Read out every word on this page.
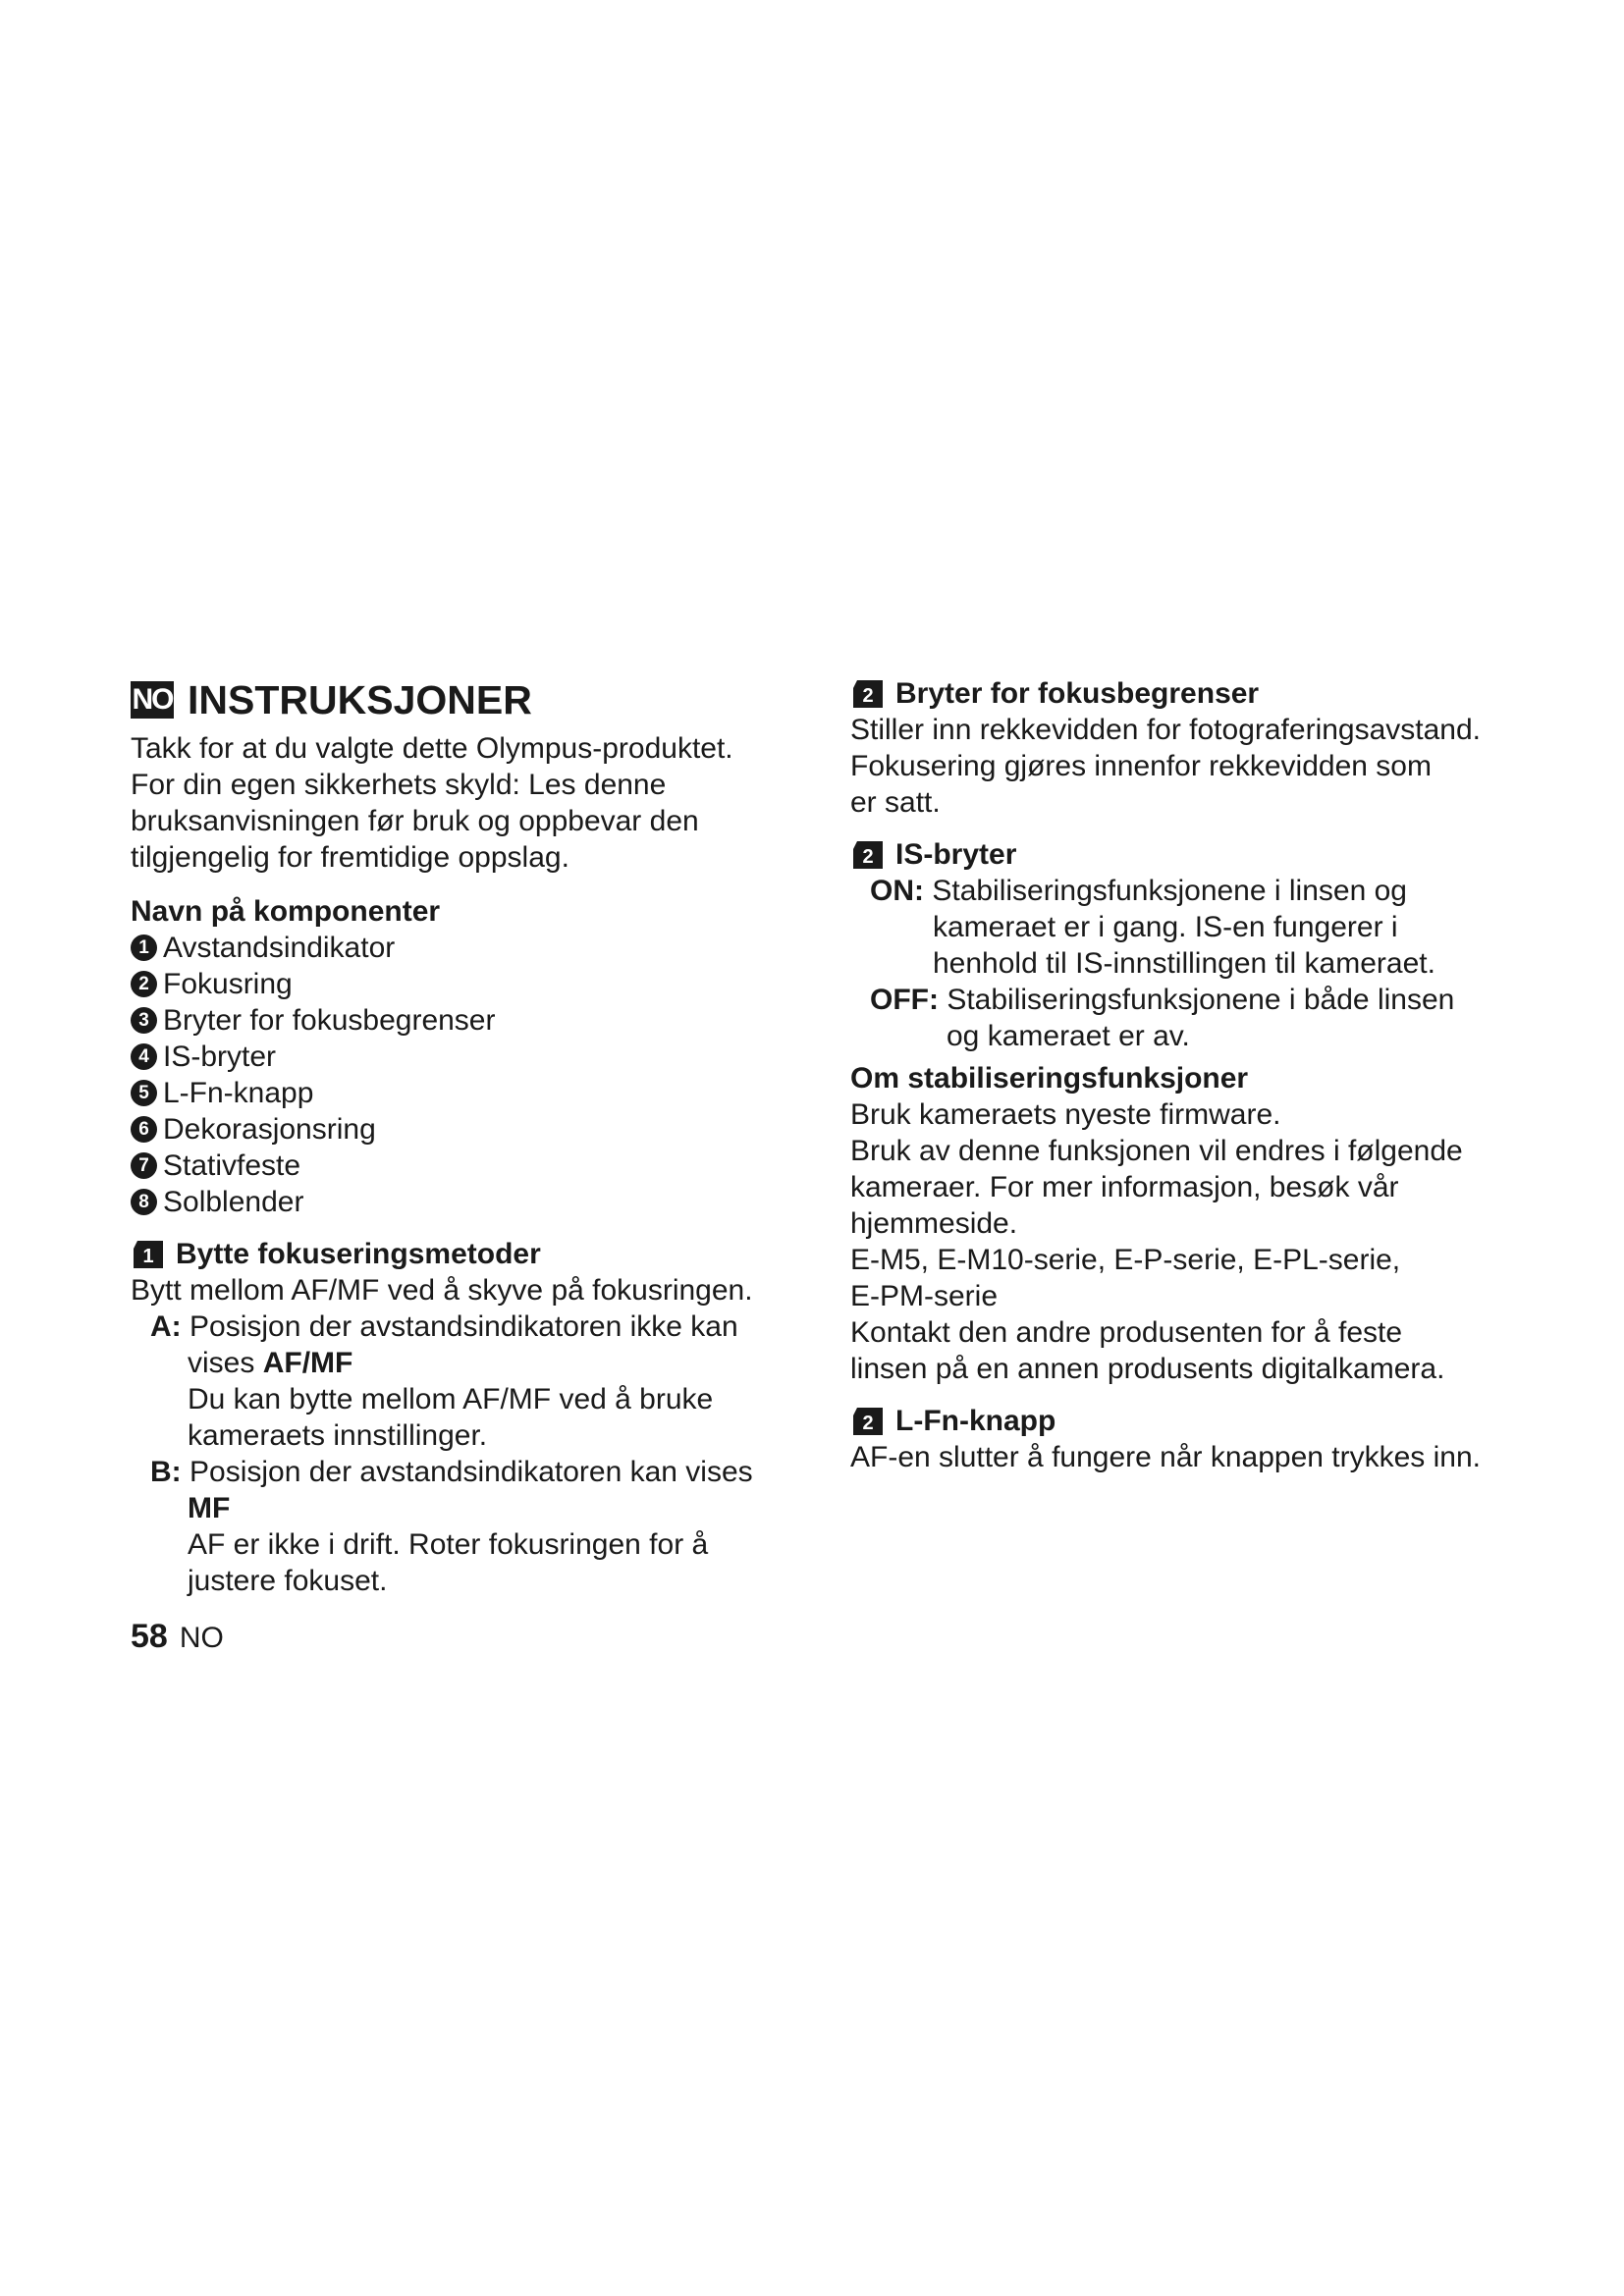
NO INSTRUKSJONER
Takk for at du valgte dette Olympus-produktet.
For din egen sikkerhets skyld: Les denne
bruksanvisningen før bruk og oppbevar den
tilgjengelig for fremtidige oppslag.
Navn på komponenter
1 Avstandsindikator
2 Fokusring
3 Bryter for fokusbegrenser
4 IS-bryter
5 L-Fn-knapp
6 Dekorasjonsring
7 Stativfeste
8 Solblender
1 Bytte fokuseringsmetoder
Bytt mellom AF/MF ved å skyve på fokusringen.
A:
Posisjon der avstandsindikatoren ikke kan
vises AF/MF
Du kan bytte mellom AF/MF ved å bruke
kameraets innstillinger.
B:
Posisjon der avstandsindikatoren kan vises
MF
AF er ikke i drift. Roter fokusringen for å
justere fokuset.
2 Bryter for fokusbegrenser
Stiller inn rekkevidden for fotograferingsavstand.
Fokusering gjøres innenfor rekkevidden som
er satt.
2 IS-bryter
ON:
Stabiliseringsfunksjonene i linsen og
kameraet er i gang. IS-en fungerer i
henhold til IS-innstillingen til kameraet.
OFF:
Stabiliseringsfunksjonene i både linsen
og kameraet er av.
Om stabiliseringsfunksjoner
Bruk kameraets nyeste firmware.
Bruk av denne funksjonen vil endres i følgende
kameraer. For mer informasjon, besøk vår
hjemmeside.
E-M5, E-M10-serie, E-P-serie, E-PL-serie,
E-PM-serie
Kontakt den andre produsenten for å feste
linsen på en annen produsents digitalkamera.
2 L-Fn-knapp
AF-en slutter å fungere når knappen trykkes inn.
58 NO
